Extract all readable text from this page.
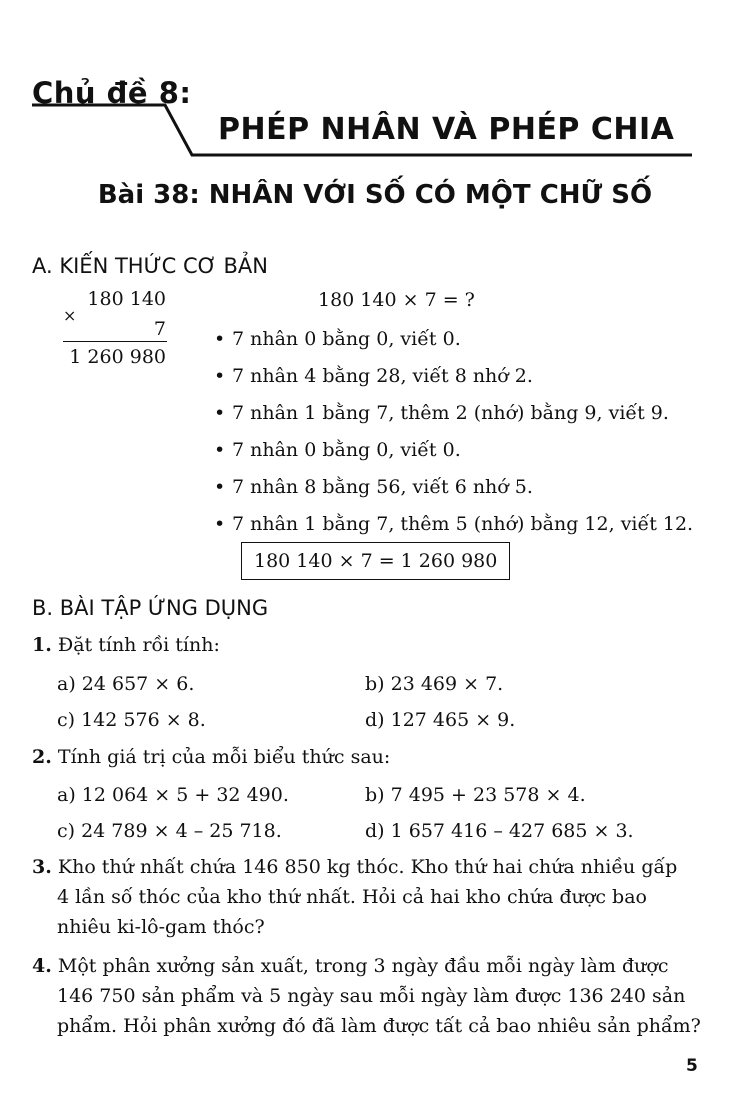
Chủ đề 8:
PHÉP NHÂN VÀ PHÉP CHIA
Bài 38: NHÂN VỚI SỐ CÓ MỘT CHỮ SỐ
A. KIẾN THỨC CƠ BẢN
180 140
×
7
1 260 980
180 140 × 7 = ?
• 7 nhân 0 bằng 0, viết 0.
• 7 nhân 4 bằng 28, viết 8 nhớ 2.
• 7 nhân 1 bằng 7, thêm 2 (nhớ) bằng 9, viết 9.
• 7 nhân 0 bằng 0, viết 0.
• 7 nhân 8 bằng 56, viết 6 nhớ 5.
• 7 nhân 1 bằng 7, thêm 5 (nhớ) bằng 12, viết 12.
180 140 × 7 = 1 260 980
B. BÀI TẬP ỨNG DỤNG
1. Đặt tính rồi tính:
a) 24 657 × 6.	b) 23 469 × 7.
c) 142 576 × 8.	d) 127 465 × 9.
2. Tính giá trị của mỗi biểu thức sau:
a) 12 064 × 5 + 32 490.	b) 7 495 + 23 578 × 4.
c) 24 789 × 4 – 25 718.	d) 1 657 416 – 427 685 × 3.
3. Kho thứ nhất chứa 146 850 kg thóc. Kho thứ hai chứa nhiều gấp
4 lần số thóc của kho thứ nhất. Hỏi cả hai kho chứa được bao
nhiêu ki-lô-gam thóc?
4. Một phân xưởng sản xuất, trong 3 ngày đầu mỗi ngày làm được
146 750 sản phẩm và 5 ngày sau mỗi ngày làm được 136 240 sản
phẩm. Hỏi phân xưởng đó đã làm được tất cả bao nhiêu sản phẩm?
5
